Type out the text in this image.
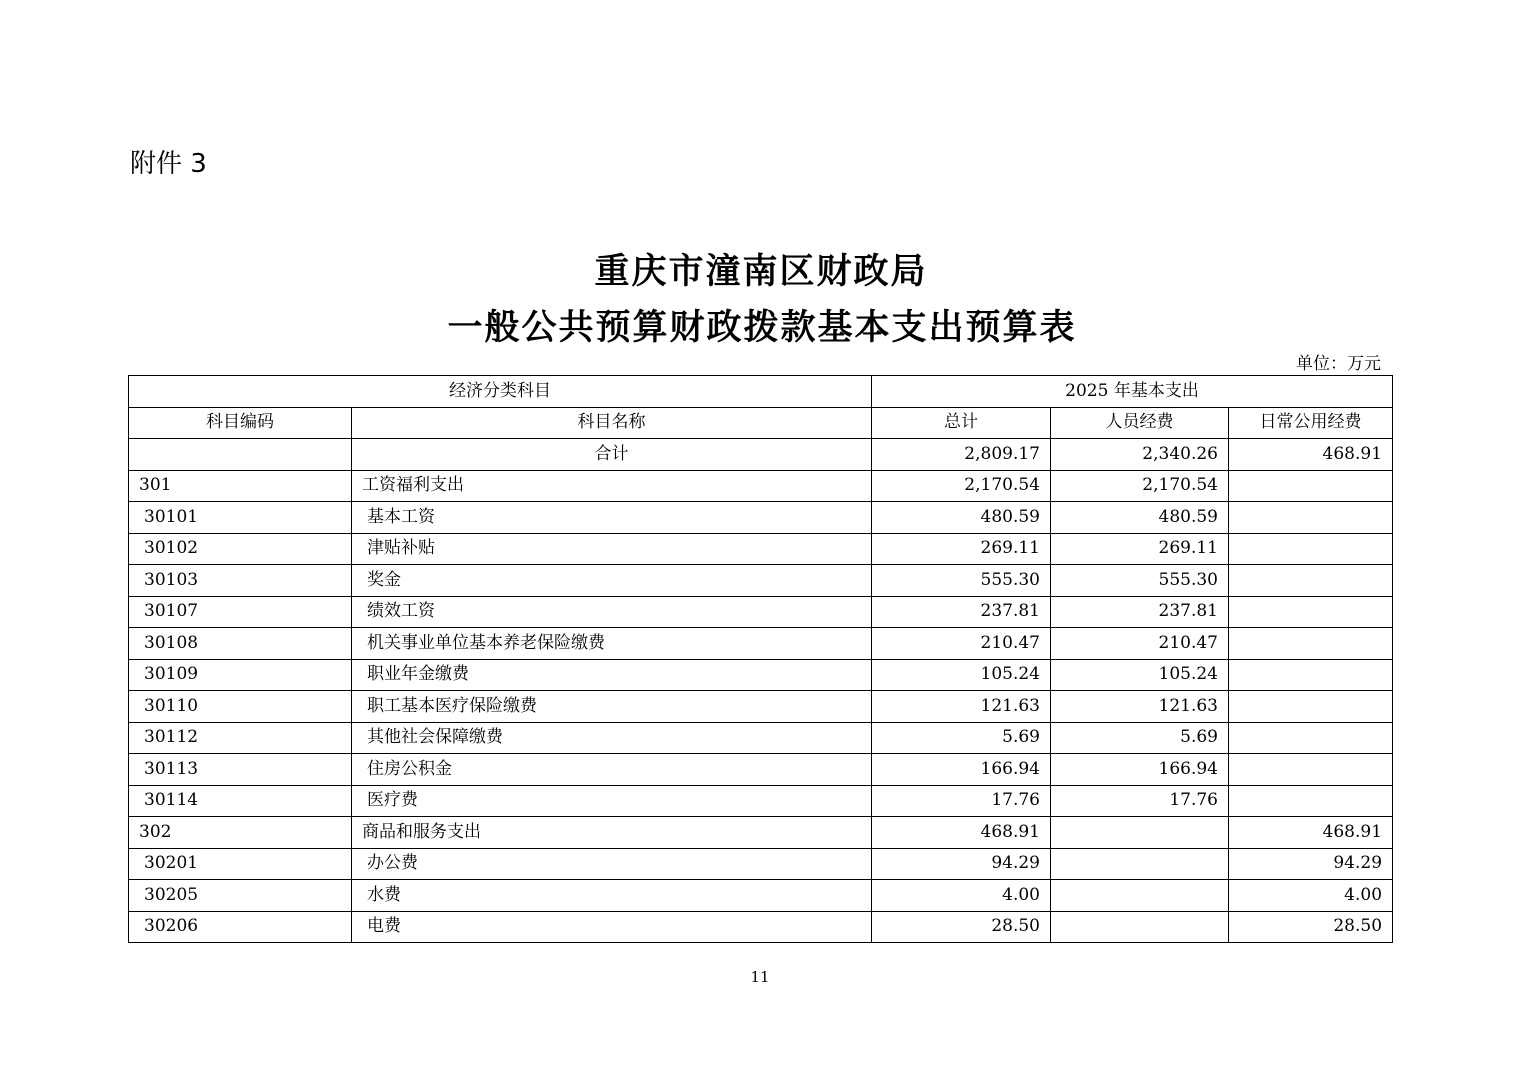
附件 3
重庆市潼南区财政局
一般公共预算财政拨款基本支出预算表
单位：万元
经济分类科目		2025 年基本支出		
科目编码	科目名称	总计	人员经费	日常公用经费
	合计	2,809.17	2,340.26	468.91
301	工资福利支出	2,170.54	2,170.54	
30101	基本工资	480.59	480.59	
30102	津贴补贴	269.11	269.11	
30103	奖金	555.30	555.30	
30107	绩效工资	237.81	237.81	
30108	机关事业单位基本养老保险缴费	210.47	210.47	
30109	职业年金缴费	105.24	105.24	
30110	职工基本医疗保险缴费	121.63	121.63	
30112	其他社会保障缴费	5.69	5.69	
30113	住房公积金	166.94	166.94	
30114	医疗费	17.76	17.76	
302	商品和服务支出	468.91		468.91
30201	办公费	94.29		94.29
30205	水费	4.00		4.00
30206	电费	28.50		28.50
11
